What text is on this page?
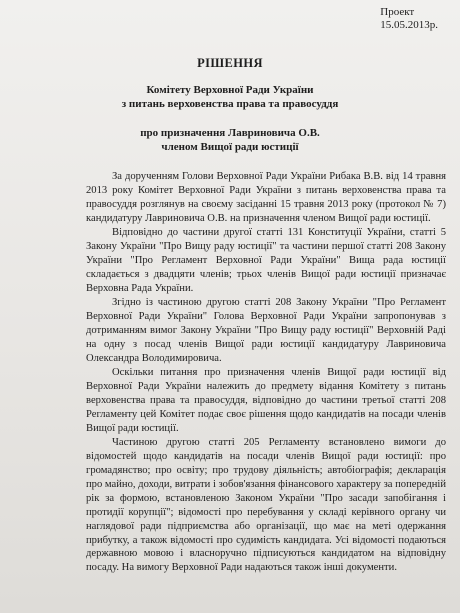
Проект
15.05.2013р.
РІШЕННЯ
Комітету Верховної Ради України
з питань верховенства права та правосуддя
про призначення Лавриновича О.В.
членом Вищої ради юстиції

За дорученням Голови Верховної Ради України Рибака В.В. від 14 травня 2013 року Комітет Верховної Ради України з питань верховенства права та правосуддя розглянув на своєму засіданні 15 травня 2013 року (протокол № 7) кандидатуру Лавриновича О.В. на призначення членом Вищої ради юстиції.

Відповідно до частини другої статті 131 Конституції України, статті 5 Закону України "Про Вищу раду юстиції" та частини першої статті 208 Закону України "Про Регламент Верховної Ради України" Вища рада юстиції складається з двадцяти членів; трьох членів Вищої ради юстиції призначає Верховна Рада України.

Згідно із частиною другою статті 208 Закону України "Про Регламент Верховної Ради України" Голова Верховної Ради України запропонував з дотриманням вимог Закону України "Про Вищу раду юстиції" Верховній Раді на одну з посад членів Вищої ради юстиції кандидатуру Лавриновича Олександра Володимировича.

Оскільки питання про призначення членів Вищої ради юстиції від Верховної Ради України належить до предмету відання Комітету з питань верховенства права та правосуддя, відповідно до частини третьої статті 208 Регламенту цей Комітет подає своє рішення щодо кандидатів на посади членів Вищої ради юстиції.

Частиною другою статті 205 Регламенту встановлено вимоги до відомостей щодо кандидатів на посади членів Вищої ради юстиції: про громадянство; про освіту; про трудову діяльність; автобіографія; декларація про майно, доходи, витрати і зобов'язання фінансового характеру за попередній рік за формою, встановленою Законом України "Про засади запобігання і протидії корупції"; відомості про перебування у складі керівного органу чи наглядової ради підприємства або організації, що має на меті одержання прибутку, а також відомості про судимість кандидата. Усі відомості подаються державною мовою і власноручно підписуються кандидатом на відповідну посаду. На вимогу Верховної Ради надаються також інші документи.
